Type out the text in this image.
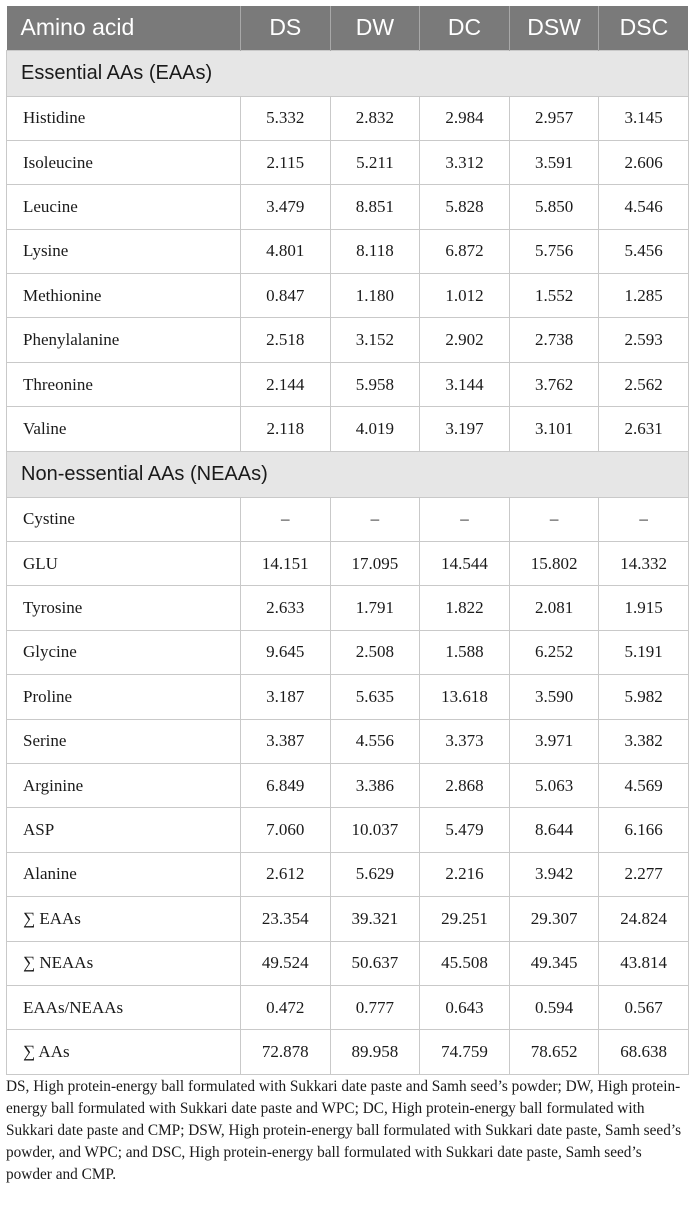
Amino acid	DS	DW	DC	DSW	DSC
Essential AAs (EAAs)					
Histidine	5.332	2.832	2.984	2.957	3.145
Isoleucine	2.115	5.211	3.312	3.591	2.606
Leucine	3.479	8.851	5.828	5.850	4.546
Lysine	4.801	8.118	6.872	5.756	5.456
Methionine	0.847	1.180	1.012	1.552	1.285
Phenylalanine	2.518	3.152	2.902	2.738	2.593
Threonine	2.144	5.958	3.144	3.762	2.562
Valine	2.118	4.019	3.197	3.101	2.631
Non-essential AAs (NEAAs)					
Cystine	–	–	–	–	–
GLU	14.151	17.095	14.544	15.802	14.332
Tyrosine	2.633	1.791	1.822	2.081	1.915
Glycine	9.645	2.508	1.588	6.252	5.191
Proline	3.187	5.635	13.618	3.590	5.982
Serine	3.387	4.556	3.373	3.971	3.382
Arginine	6.849	3.386	2.868	5.063	4.569
ASP	7.060	10.037	5.479	8.644	6.166
Alanine	2.612	5.629	2.216	3.942	2.277
∑ EAAs	23.354	39.321	29.251	29.307	24.824
∑ NEAAs	49.524	50.637	45.508	49.345	43.814
EAAs/NEAAs	0.472	0.777	0.643	0.594	0.567
∑ AAs	72.878	89.958	74.759	78.652	68.638
DS, High protein-energy ball formulated with Sukkari date paste and Samh seed’s powder; DW, High protein-energy ball formulated with Sukkari date paste and WPC; DC, High protein-energy ball formulated with Sukkari date paste and CMP; DSW, High protein-energy ball formulated with Sukkari date paste, Samh seed’s powder, and WPC; and DSC, High protein-energy ball formulated with Sukkari date paste, Samh seed’s powder and CMP.
